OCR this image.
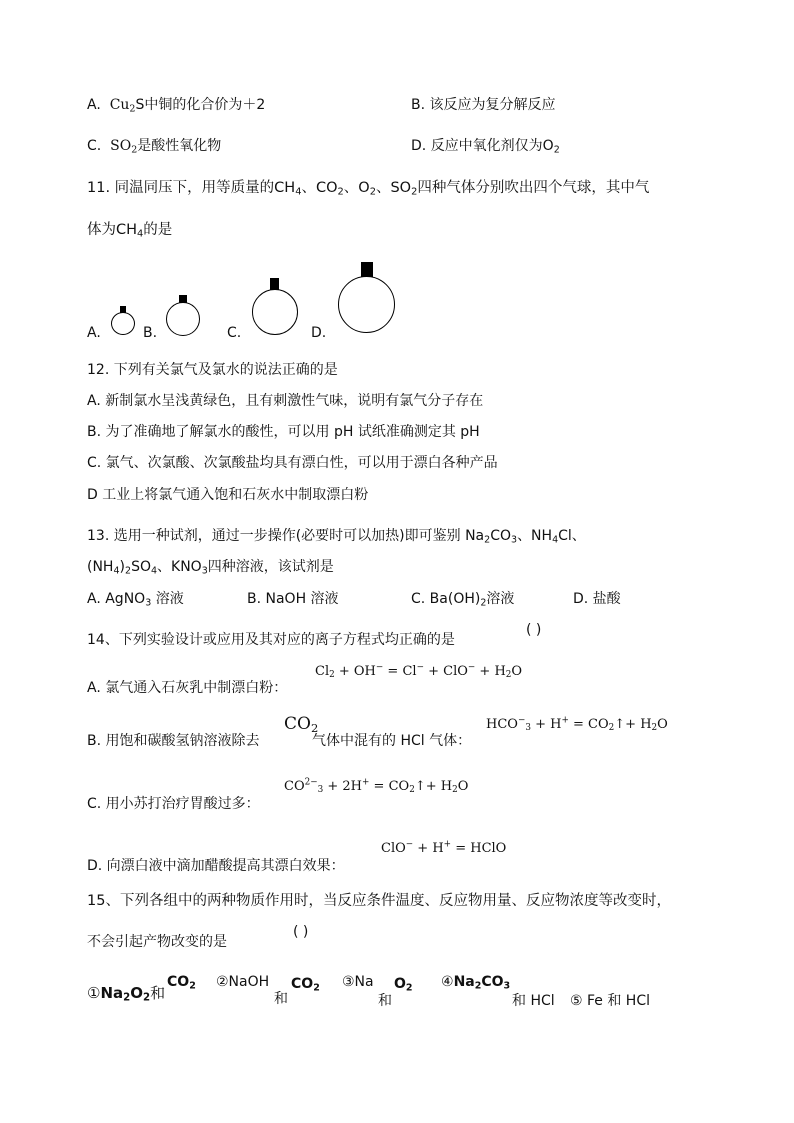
A. $Cu_2S$中铜的化合价为＋2	B. 该反应为复分解反应
C. $SO_2$是酸性氧化物	D. 反应中氧化剂仅为$O_2$
11. 同温同压下，用等质量的$CH_4$、$CO_2$、$O_2$、$SO_2$四种气体分别吹出四个气球，其中气
体为$CH_4$的是
A.	B.	C.	D.
12. 下列有关氯气及氯水的说法正确的是
A. 新制氯水呈浅黄绿色，且有刺激性气味，说明有氯气分子存在
B. 为了准确地了解氯水的酸性，可以用 pH 试纸准确测定其 pH
C. 氯气、次氯酸、次氯酸盐均具有漂白性，可以用于漂白各种产品
D 工业上将氯气通入饱和石灰水中制取漂白粉
13. 选用一种试剂，通过一步操作(必要时可以加热)即可鉴别 $Na_2CO_3$、$NH_4Cl$、
$(NH_4)_2SO_4$、$KNO_3$四种溶液，该试剂是
A. AgNO$_3$ 溶液	B. NaOH 溶液	C. $Ba(OH)_2$溶液	D. 盐酸
14、下列实验设计或应用及其对应的离子方程式均正确的是
( )
A. 氯气通入石灰乳中制漂白粉：
$Cl_2 + OH^- = Cl^- + ClO^- + H_2O$
B. 用饱和碳酸氢钠溶液除去
$CO_2$
气体中混有的 HCl 气体：
$HCO^-_3 + H^+$ = $CO_2↑+ H_2O$
C. 用小苏打治疗胃酸过多：
$CO^{2-}_3 + 2H^+$ = $CO_2↑+ H_2O$
D. 向漂白液中滴加醋酸提高其漂白效果：
ClO− + H+ = HClO
15、下列各组中的两种物质作用时，当反应条件温度、反应物用量、反应物浓度等改变时，
不会引起产物改变的是
( )
$①Na_2O_2$和
$CO_2$ ②NaOH
和
$CO_2$ ③Na
和
$O_2$ $④Na_2CO_3$
和 HCl ⑤ Fe 和 HCl
